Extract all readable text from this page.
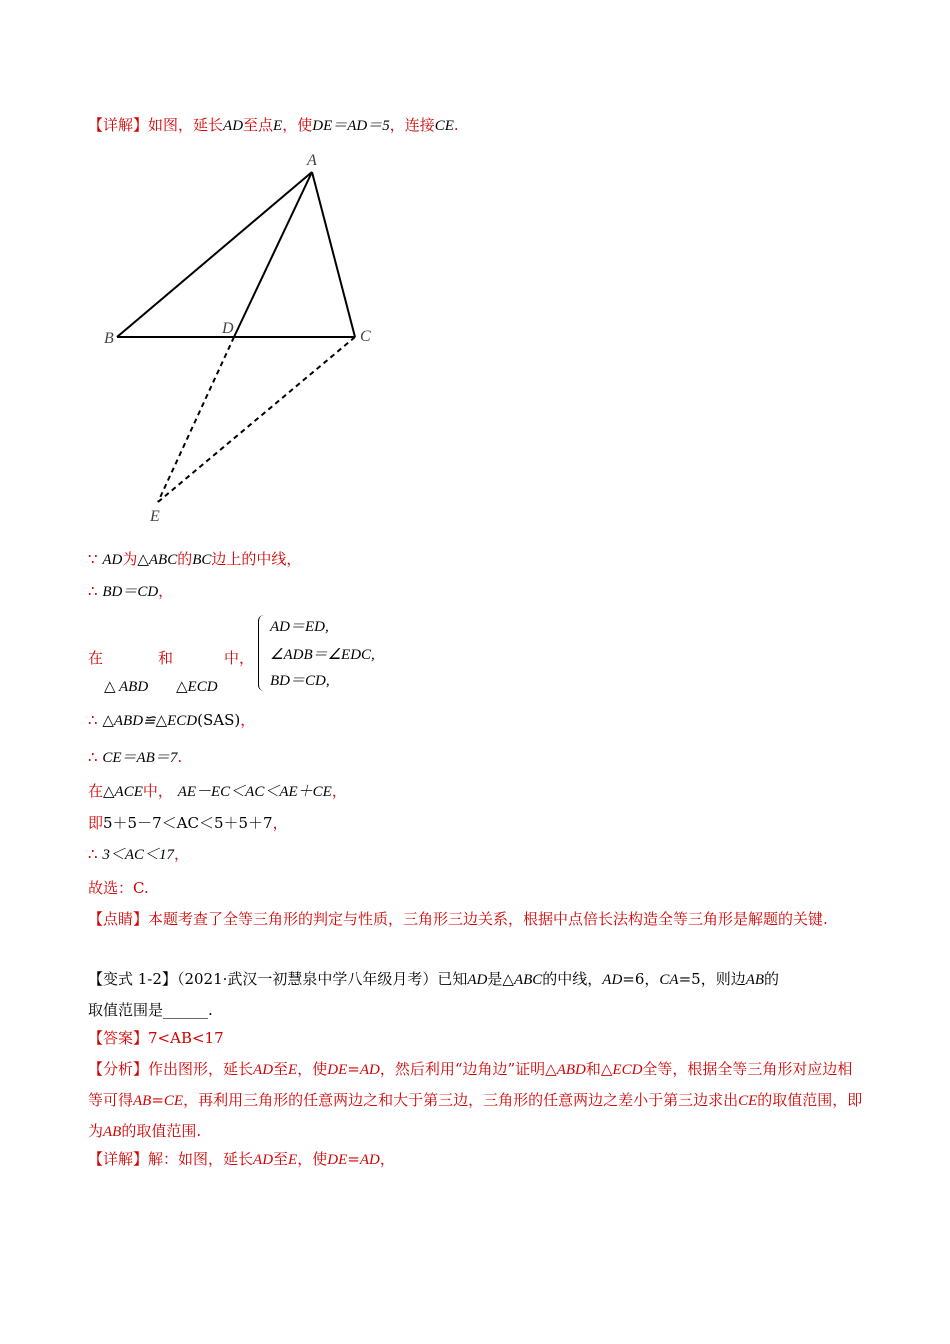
【详解】如图，延长AD至点E，使DE＝AD＝5，连接CE.
A
B	C
D
E
∵ AD为△ABC的BC边上的中线，
∴ BD＝CD，
在	和	中，
△ ABD △ECD
AD＝ED,
∠ADB＝∠EDC,
BD＝CD,
∴ △ABD≌△ECD(SAS)，
∴ CE＝AB＝7.
在△ACE中， AE－EC＜AC＜AE＋CE，
即5＋5－7＜AC＜5＋5＋7，
∴ 3＜AC＜17，
故选：C.
【点睛】本题考查了全等三角形的判定与性质，三角形三边关系，根据中点倍长法构造全等三角形是解题的关键.
【变式 1-2】（2021·武汉一初慧泉中学八年级月考）已知AD是△ABC的中线，AD=6，CA=5，则边AB的
取值范围是______.
【答案】7<AB<17
【分析】作出图形，延长AD至E，使DE=AD，然后利用“边角边”证明△ABD和△ECD全等，根据全等三角形对应边相等可得AB=CE，再利用三角形的任意两边之和大于第三边，三角形的任意两边之差小于第三边求出CE的取值范围，即为AB的取值范围.
【详解】解：如图，延长AD至E，使DE=AD，
